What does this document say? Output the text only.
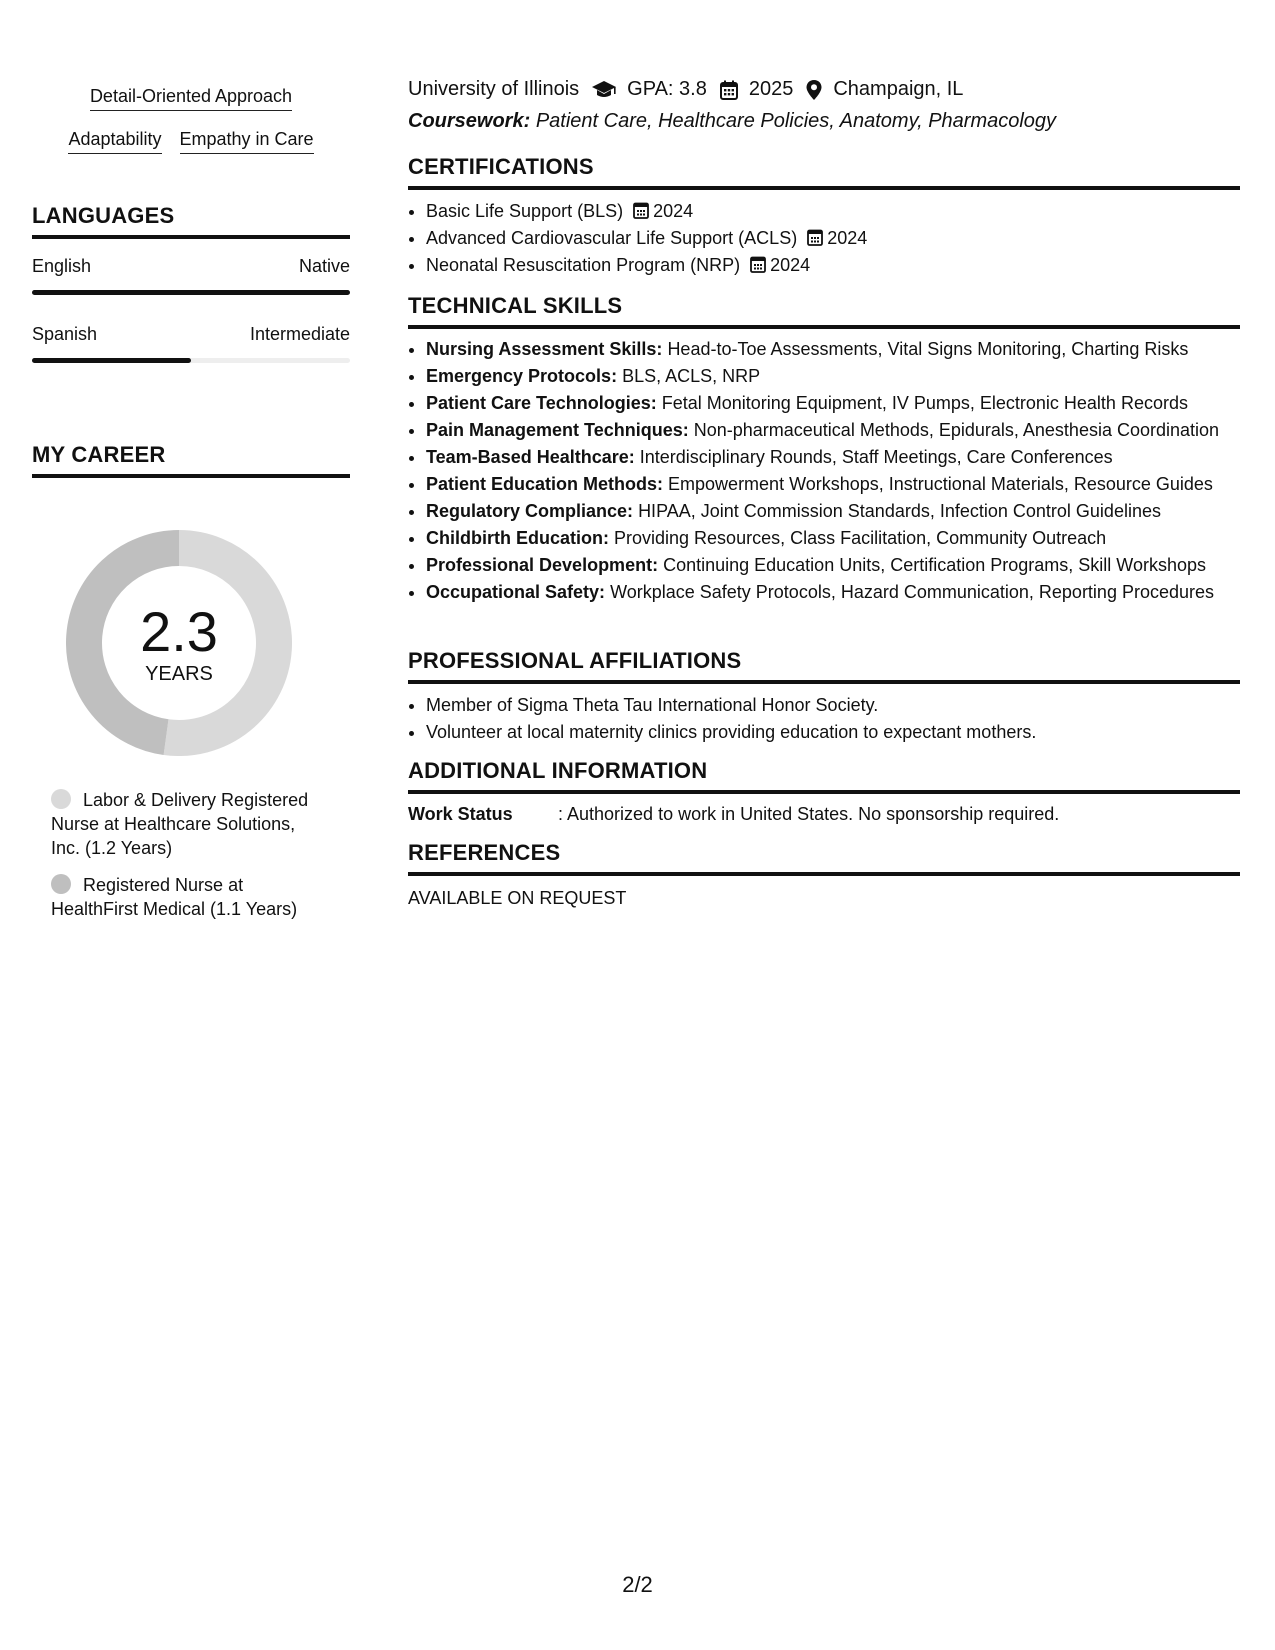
Detail-Oriented Approach
Adaptability Empathy in Care
LANGUAGES
English	Native
Spanish	Intermediate
MY CAREER
2.3
YEARS
Labor & Delivery Registered Nurse at Healthcare Solutions, Inc. (1.2 Years)
Registered Nurse at HealthFirst Medical (1.1 Years)
University of Illinois GPA: 3.8 2025 Champaign, IL
Coursework: Patient Care, Healthcare Policies, Anatomy, Pharmacology
CERTIFICATIONS
• Basic Life Support (BLS) 2024
• Advanced Cardiovascular Life Support (ACLS) 2024
• Neonatal Resuscitation Program (NRP) 2024
TECHNICAL SKILLS
• Nursing Assessment Skills: Head-to-Toe Assessments, Vital Signs Monitoring, Charting Risks
• Emergency Protocols: BLS, ACLS, NRP
• Patient Care Technologies: Fetal Monitoring Equipment, IV Pumps, Electronic Health Records
• Pain Management Techniques: Non-pharmaceutical Methods, Epidurals, Anesthesia Coordination
• Team-Based Healthcare: Interdisciplinary Rounds, Staff Meetings, Care Conferences
• Patient Education Methods: Empowerment Workshops, Instructional Materials, Resource Guides
• Regulatory Compliance: HIPAA, Joint Commission Standards, Infection Control Guidelines
• Childbirth Education: Providing Resources, Class Facilitation, Community Outreach
• Professional Development: Continuing Education Units, Certification Programs, Skill Workshops
• Occupational Safety: Workplace Safety Protocols, Hazard Communication, Reporting Procedures
PROFESSIONAL AFFILIATIONS
• Member of Sigma Theta Tau International Honor Society.
• Volunteer at local maternity clinics providing education to expectant mothers.
ADDITIONAL INFORMATION
Work Status	: Authorized to work in United States. No sponsorship required.
REFERENCES
AVAILABLE ON REQUEST
2/2
